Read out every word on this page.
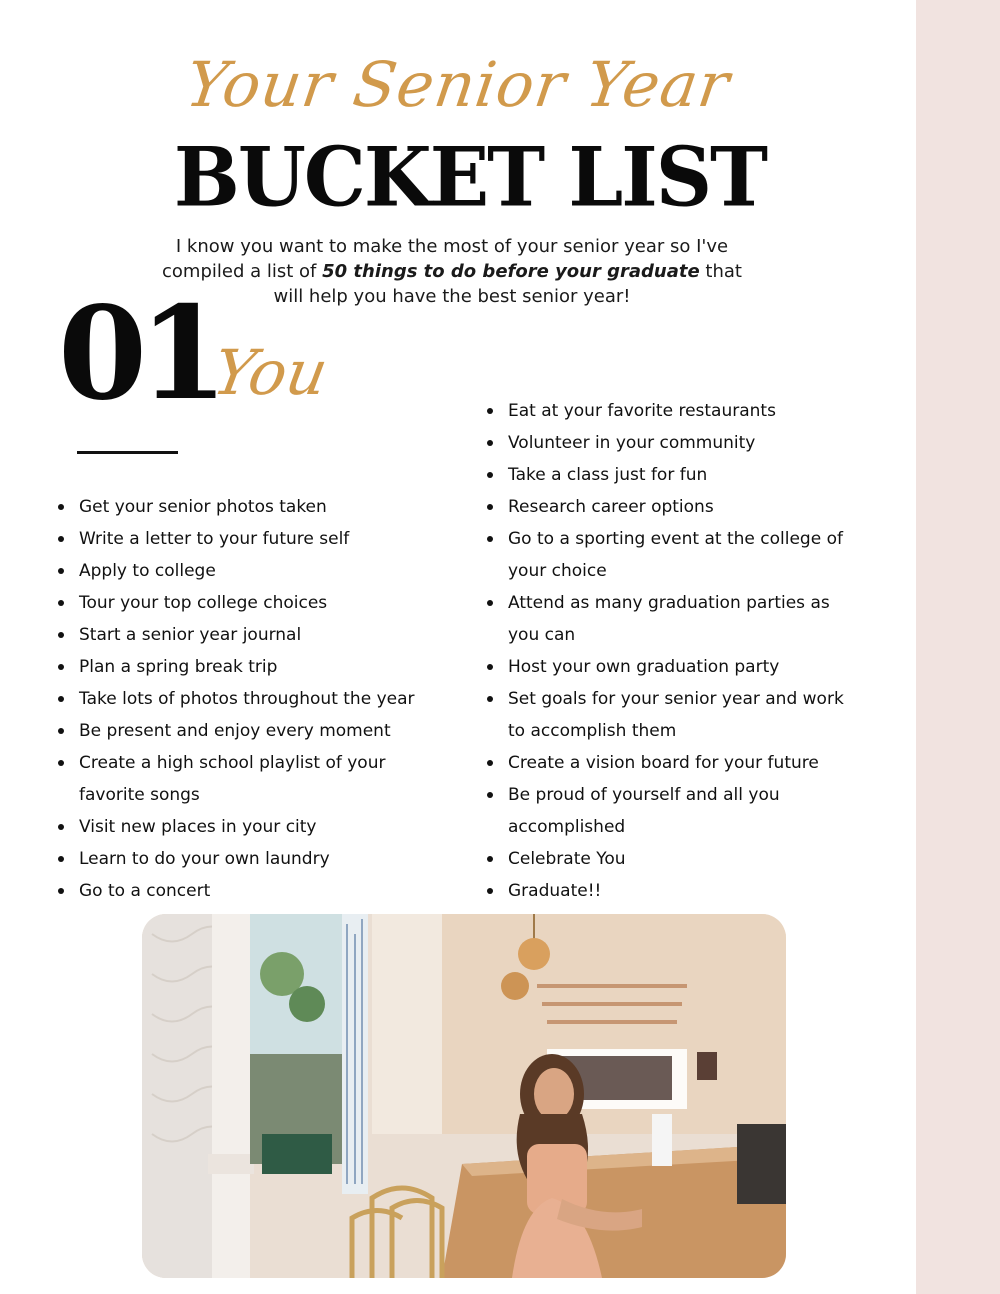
Your Senior Year
BUCKET LIST
I know you want to make the most of your senior year so I've compiled a list of 50 things to do before your graduate that will help you have the best senior year!
01
You
Get your senior photos taken
Write a letter to your future self
Apply to college
Tour your top college choices
Start a senior year journal
Plan a spring break trip
Take lots of photos throughout the year
Be present and enjoy every moment
Create a high school playlist of your favorite songs
Visit new places in your city
Learn to do your own laundry
Go to a concert
Eat at your favorite restaurants
Volunteer in your community
Take a class just for fun
Research career options
Go to a sporting event at the college of your choice
Attend as many graduation parties as you can
Host your own graduation party
Set goals for your senior year and work to accomplish them
Create a vision board for your future
Be proud of yourself and all you accomplished
Celebrate You
Graduate!!
